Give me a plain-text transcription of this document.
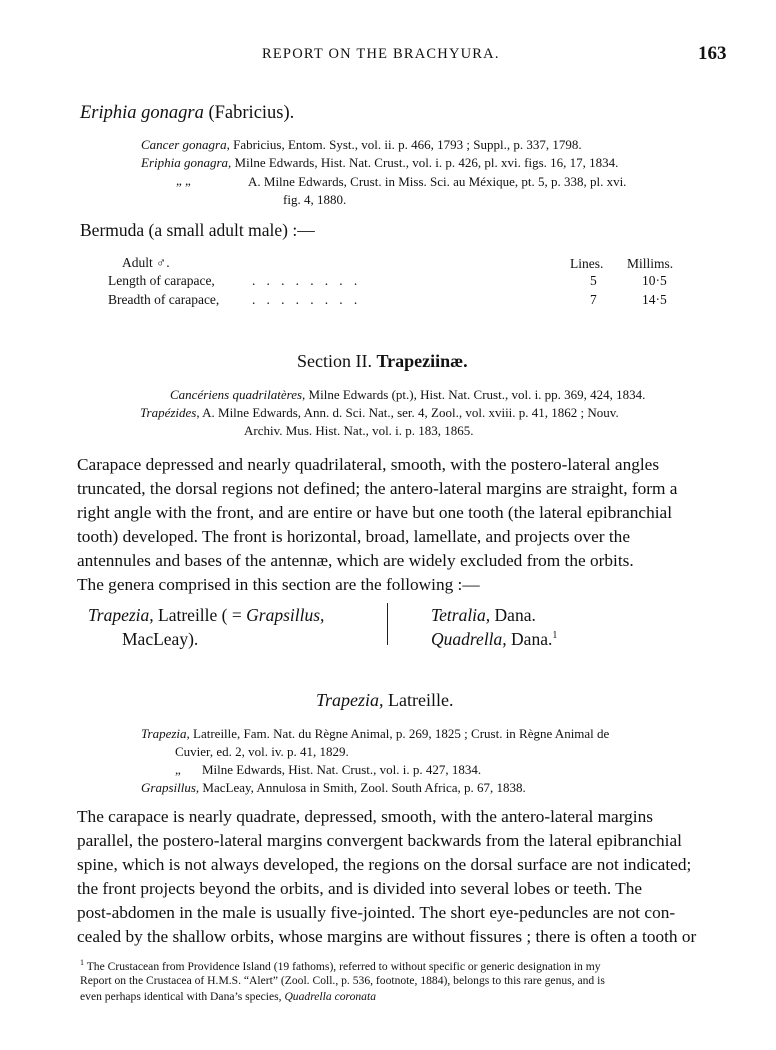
REPORT ON THE BRACHYURA.	163
Eriphia gonagra (Fabricius).
Cancer gonagra, Fabricius, Entom. Syst., vol. ii. p. 466, 1793 ; Suppl., p. 337, 1798.
Eriphia gonagra, Milne Edwards, Hist. Nat. Crust., vol. i. p. 426, pl. xvi. figs. 16, 17, 1834.
„ „	A. Milne Edwards, Crust. in Miss. Sci. au Méxique, pt. 5, p. 338, pl. xvi.
fig. 4, 1880.
Bermuda (a small adult male) :—
Adult ♂.	Lines. Millims.
Length of carapace,	. . . . . . . .	5	10·5
Breadth of carapace, . . . . . . . .	7	14·5
Section II. Trapeziinæ.
Cancériens quadrilatères, Milne Edwards (pt.), Hist. Nat. Crust., vol. i. pp. 369, 424, 1834.
Trapézides, A. Milne Edwards, Ann. d. Sci. Nat., ser. 4, Zool., vol. xviii. p. 41, 1862 ; Nouv.
Archiv. Mus. Hist. Nat., vol. i. p. 183, 1865.
Carapace depressed and nearly quadrilateral, smooth, with the postero-lateral angles
truncated, the dorsal regions not defined; the antero-lateral margins are straight, form a
right angle with the front, and are entire or have but one tooth (the lateral epibranchial
tooth) developed. The front is horizontal, broad, lamellate, and projects over the
antennules and bases of the antennæ, which are widely excluded from the orbits.
The genera comprised in this section are the following :—
Trapezia, Latreille ( = Grapsillus,
MacLeay).
Tetralia, Dana.
Quadrella, Dana.$^1$
Trapezia, Latreille.
Trapezia, Latreille, Fam. Nat. du Règne Animal, p. 269, 1825 ; Crust. in Règne Animal de
Cuvier, ed. 2, vol. iv. p. 41, 1829.
„ Milne Edwards, Hist. Nat. Crust., vol. i. p. 427, 1834.
Grapsillus, MacLeay, Annulosa in Smith, Zool. South Africa, p. 67, 1838.
The carapace is nearly quadrate, depressed, smooth, with the antero-lateral margins
parallel, the postero-lateral margins convergent backwards from the lateral epibranchial
spine, which is not always developed, the regions on the dorsal surface are not indicated;
the front projects beyond the orbits, and is divided into several lobes or teeth. The
post-abdomen in the male is usually five-jointed. The short eye-peduncles are not con-
cealed by the shallow orbits, whose margins are without fissures ; there is often a tooth or
$^1$ The Crustacean from Providence Island (19 fathoms), referred to without specific or generic designation in my
Report on the Crustacea of H.M.S. “Alert” (Zool. Coll., p. 536, footnote, 1884), belongs to this rare genus, and is
even perhaps identical with Dana’s species, Quadrella coronata
